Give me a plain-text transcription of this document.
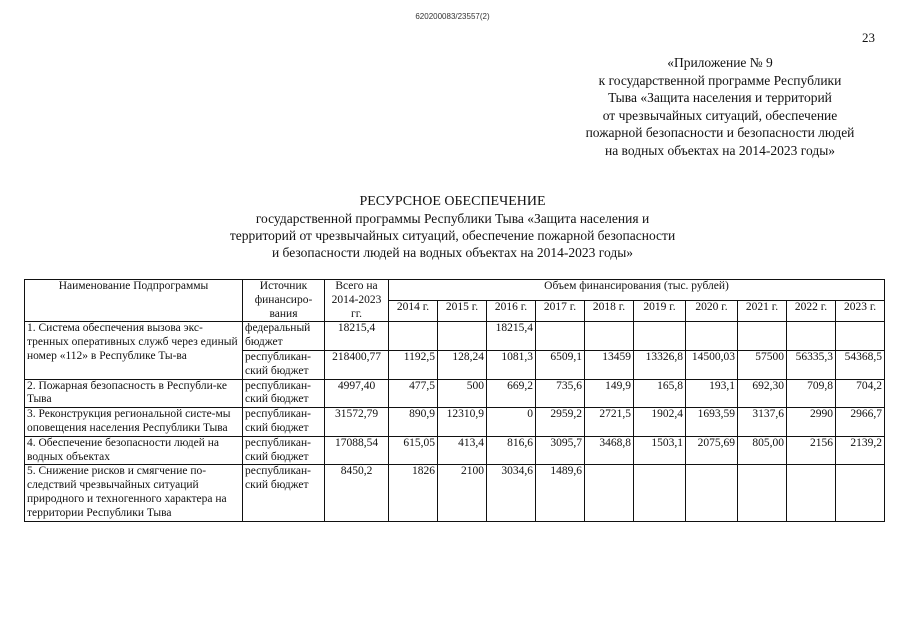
620200083/23557(2)
23
«Приложение № 9
к государственной программе Республики
Тыва «Защита населения и территорий
от чрезвычайных ситуаций, обеспечение
пожарной безопасности и безопасности людей
на водных объектах на 2014-2023 годы»
РЕСУРСНОЕ ОБЕСПЕЧЕНИЕ
государственной программы Республики Тыва «Защита населения и
территорий от чрезвычайных ситуаций, обеспечение пожарной безопасности
и безопасности людей на водных объектах на 2014-2023 годы»
Наименование Подпрограммы	Источник финансиро-вания	Всего на 2014-2023 гг.	Объем финансирования (тыс. рублей)									
			2014 г.	2015 г.	2016 г.	2017 г.	2018 г.	2019 г.	2020 г.	2021 г.	2022 г.	2023 г.
1. Система обеспечения вызова экс-тренных оперативных служб через единый номер «112» в Республике Ты-ва	федеральный бюджет	18215,4			18215,4							
	республикан-ский бюджет	218400,77	1192,5	128,24	1081,3	6509,1	13459	13326,8	14500,03	57500	56335,3	54368,5
2. Пожарная безопасность в Республи-ке Тыва	республикан-ский бюджет	4997,40	477,5	500	669,2	735,6	149,9	165,8	193,1	692,30	709,8	704,2
3. Реконструкция региональной систе-мы оповещения населения Республики Тыва	республикан-ский бюджет	31572,79	890,9	12310,9	0	2959,2	2721,5	1902,4	1693,59	3137,6	2990	2966,7
4. Обеспечение безопасности людей на водных объектах	республикан-ский бюджет	17088,54	615,05	413,4	816,6	3095,7	3468,8	1503,1	2075,69	805,00	2156	2139,2
5. Снижение рисков и смягчение по-следствий чрезвычайных ситуаций природного и техногенного характера на территории Республики Тыва	республикан-ский бюджет	8450,2	1826	2100	3034,6	1489,6						
